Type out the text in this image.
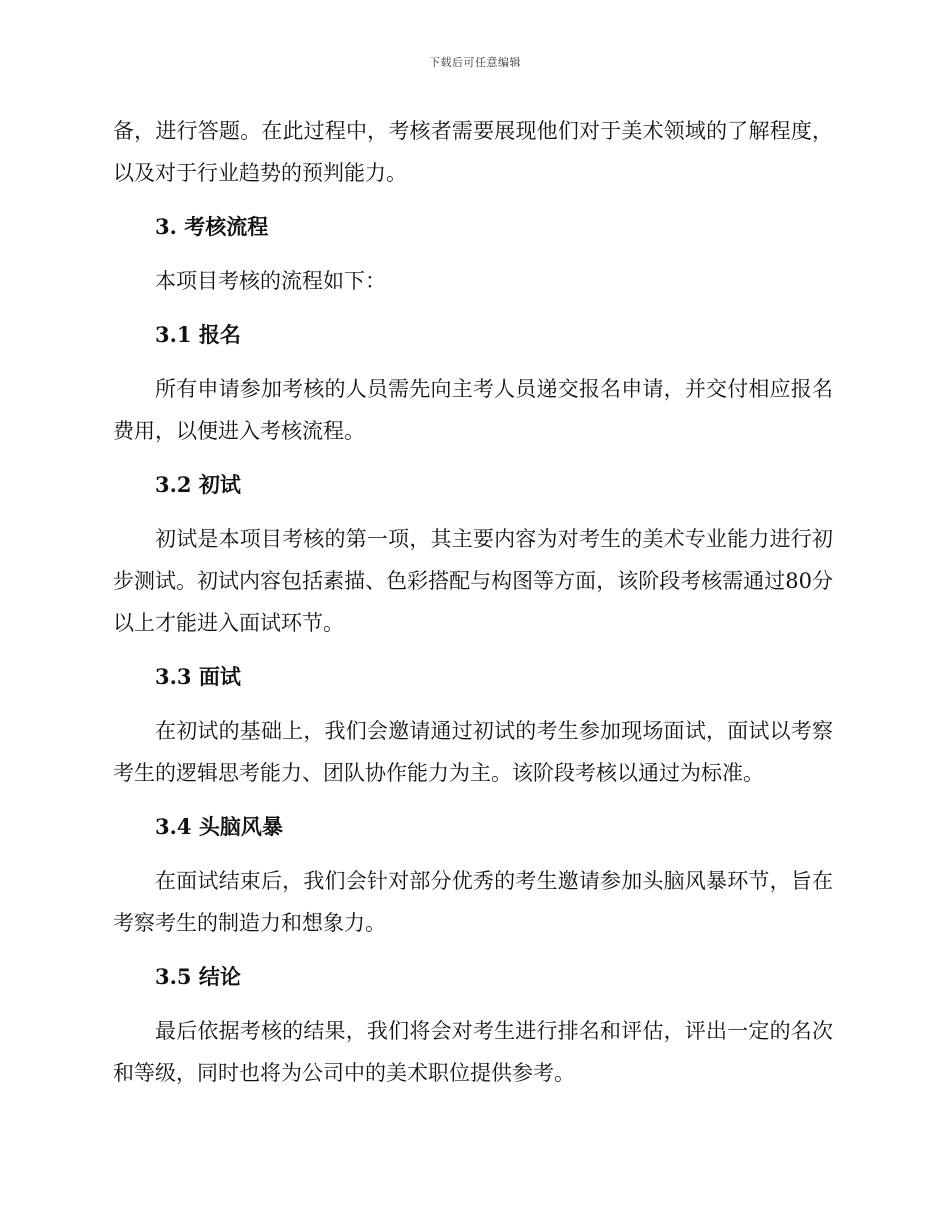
下载后可任意编辑

备，进行答题。在此过程中，考核者需要展现他们对于美术领域的了解程度，以及对于行业趋势的预判能力。

3. 考核流程

本项目考核的流程如下：

3.1 报名

所有申请参加考核的人员需先向主考人员递交报名申请，并交付相应报名费用，以便进入考核流程。

3.2 初试

初试是本项目考核的第一项，其主要内容为对考生的美术专业能力进行初步测试。初试内容包括素描、色彩搭配与构图等方面，该阶段考核需通过80分以上才能进入面试环节。

3.3 面试

在初试的基础上，我们会邀请通过初试的考生参加现场面试，面试以考察考生的逻辑思考能力、团队协作能力为主。该阶段考核以通过为标准。

3.4 头脑风暴

在面试结束后，我们会针对部分优秀的考生邀请参加头脑风暴环节，旨在考察考生的制造力和想象力。

3.5 结论

最后依据考核的结果，我们将会对考生进行排名和评估，评出一定的名次和等级，同时也将为公司中的美术职位提供参考。
